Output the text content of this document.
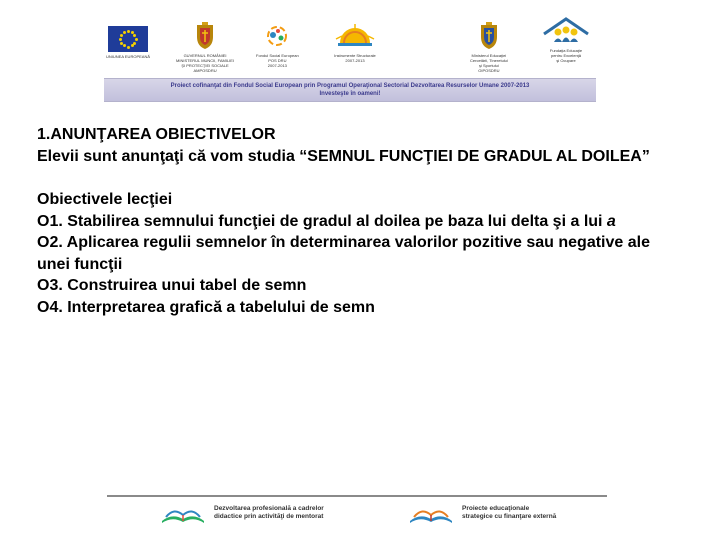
UNIUNEA EUROPEANĂ	GUVERNUL ROMÂNIEI
MINISTERUL MUNCII, FAMILIEI
ŞI PROTECŢIEI SOCIALE
AMPOSDRU
Fondul Social European
POS DRU
2007-2013
Instrumente Structurale
2007-2013
Ministerul Educaţiei
Cercetării, Tineretului
şi Sportului
OIPOSDRU
Fundaţia Educaţie
pentru Excelenţă
şi Ocupare
Proiect cofinanţat din Fondul Social European prin Programul Operaţional Sectorial Dezvoltarea Resurselor Umane 2007-2013
Investeşte în oameni!

1.ANUNŢAREA OBIECTIVELOR

Elevii sunt anunţaţi că vom studia “SEMNUL FUNCŢIEI DE GRADUL AL DOILEA”

Obiectivele lecţiei

O1. Stabilirea semnului funcţiei de gradul al doilea pe baza lui delta şi a lui a

O2. Aplicarea regulii semnelor în determinarea valorilor pozitive sau negative ale unei funcţii

O3. Construirea unui tabel de semn

O4. Interpretarea grafică a tabelului de semn

Dezvoltarea profesională a cadrelor
didactice prin activităţi de mentorat
Proiecte educaţionale
strategice cu finanţare externă
